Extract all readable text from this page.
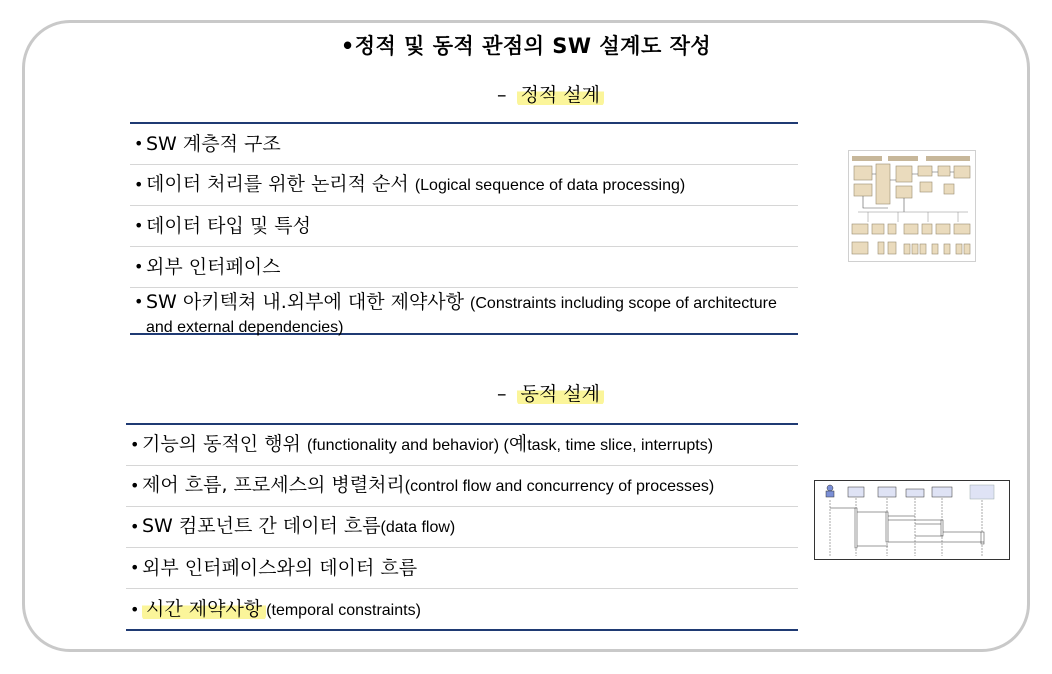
•정적 및 동적 관점의 SW 설계도 작성
– 정적 설계
• SW 계층적 구조
• 데이터 처리를 위한 논리적 순서 (Logical sequence of data processing)
• 데이터 타입 및 특성
• 외부 인터페이스
• SW 아키텍쳐 내.외부에 대한 제약사항 (Constraints including scope of architecture and external dependencies)
– 동적 설계
• 기능의 동적인 행위 (functionality and behavior) (예task, time slice, interrupts)
• 제어 흐름, 프로세스의 병렬처리(control flow and concurrency of processes)
• SW 컴포넌트 간 데이터 흐름(data flow)
• 외부 인터페이스와의 데이터 흐름
• 시간 제약사항 (temporal constraints)
